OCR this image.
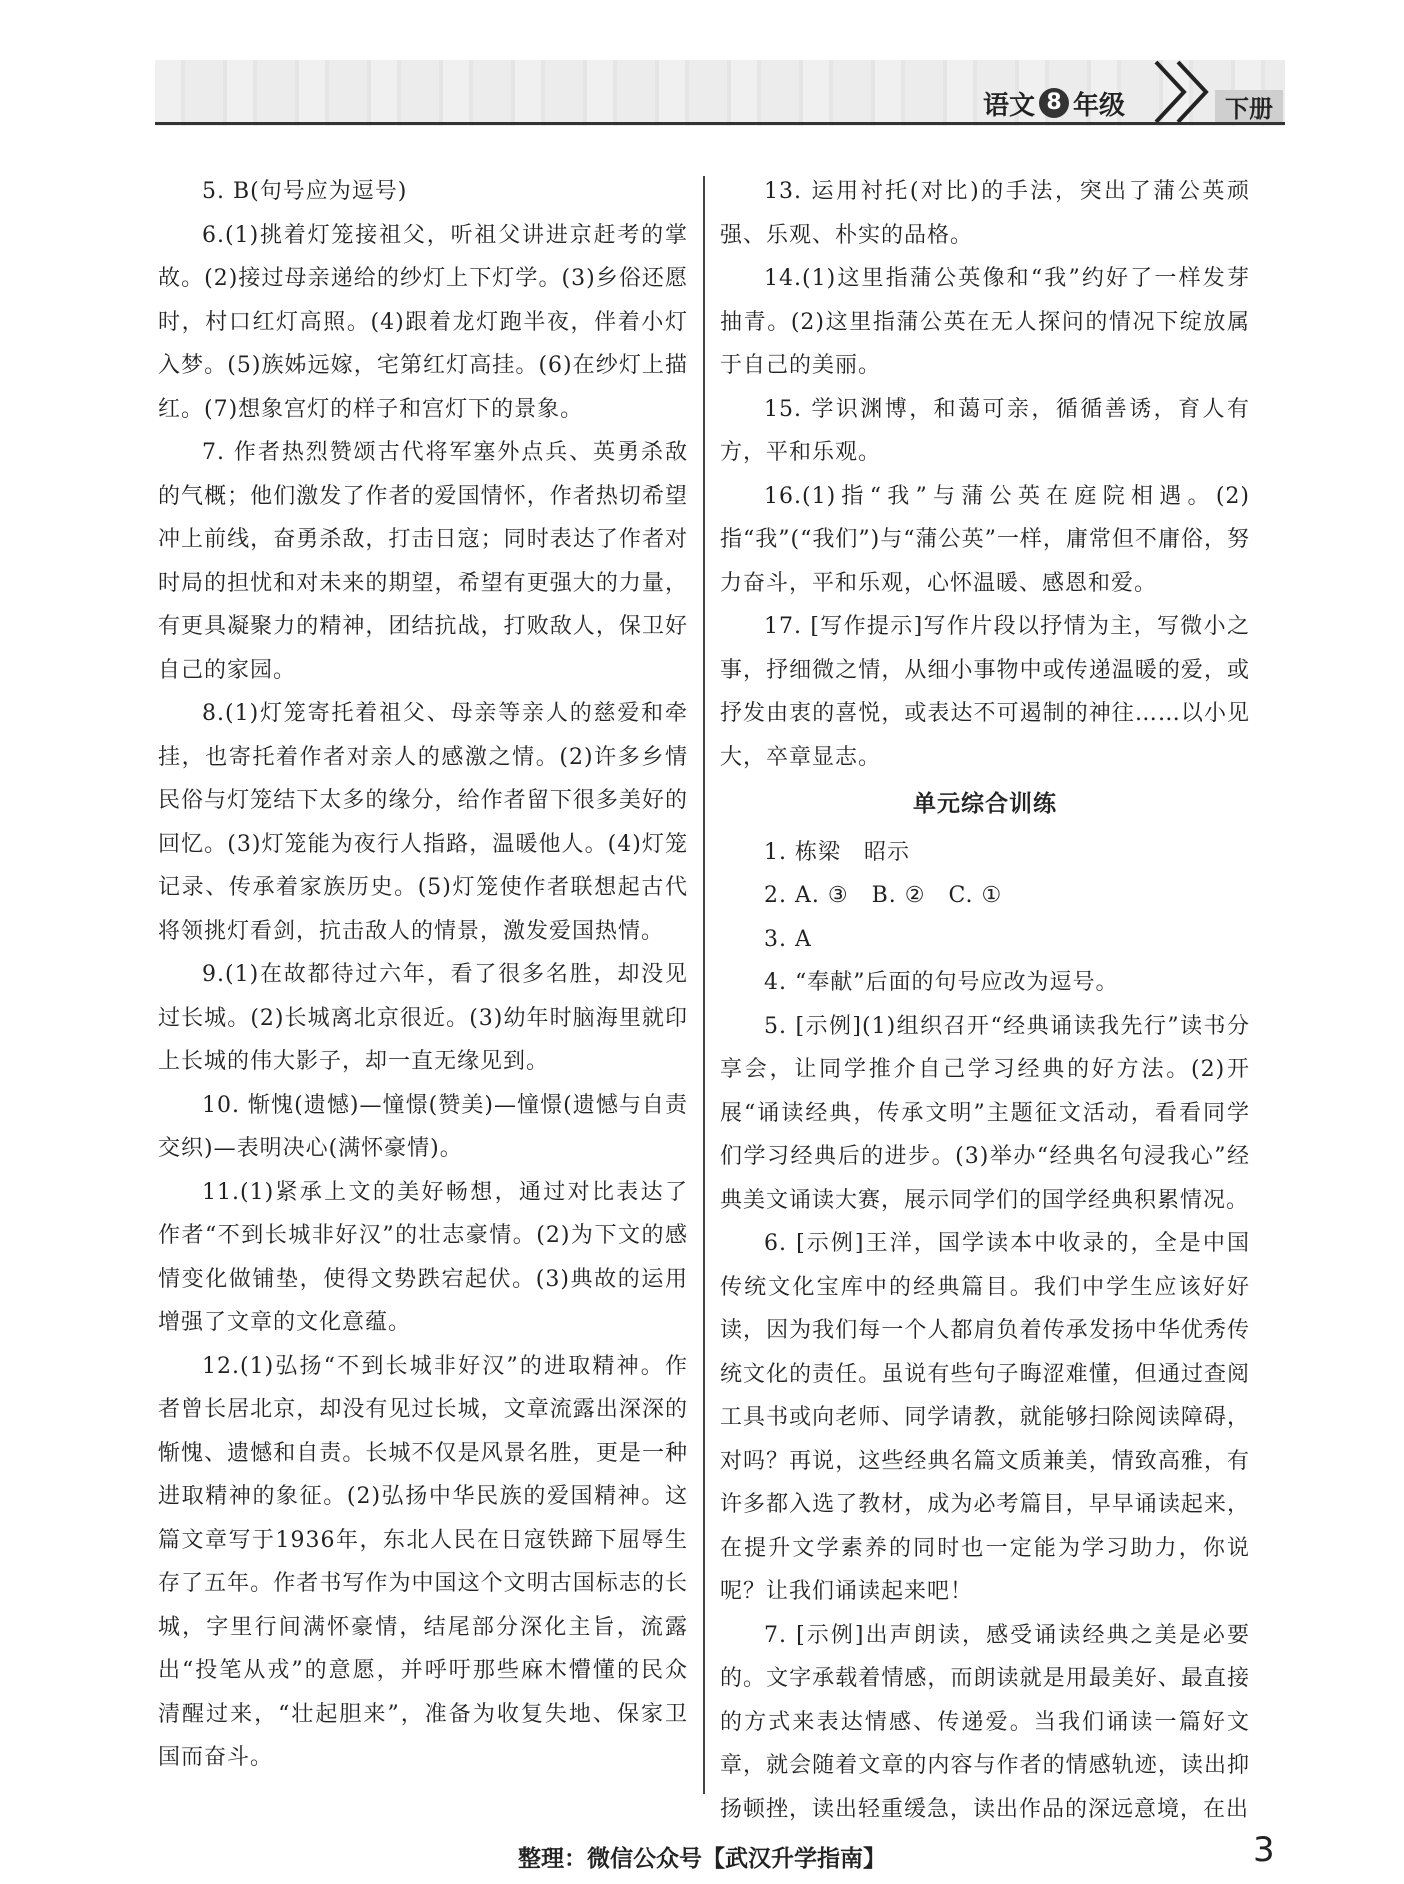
语文 8 年级	下册

5. B(句号应为逗号)

6.(1)挑着灯笼接祖父，听祖父讲进京赶考的掌故。(2)接过母亲递给的纱灯上下灯学。(3)乡俗还愿时，村口红灯高照。(4)跟着龙灯跑半夜，伴着小灯入梦。(5)族姊远嫁，宅第红灯高挂。(6)在纱灯上描红。(7)想象宫灯的样子和宫灯下的景象。

7. 作者热烈赞颂古代将军塞外点兵、英勇杀敌的气概；他们激发了作者的爱国情怀，作者热切希望冲上前线，奋勇杀敌，打击日寇；同时表达了作者对时局的担忧和对未来的期望，希望有更强大的力量，有更具凝聚力的精神，团结抗战，打败敌人，保卫好自己的家园。

8.(1)灯笼寄托着祖父、母亲等亲人的慈爱和牵挂，也寄托着作者对亲人的感激之情。(2)许多乡情民俗与灯笼结下太多的缘分，给作者留下很多美好的回忆。(3)灯笼能为夜行人指路，温暖他人。(4)灯笼记录、传承着家族历史。(5)灯笼使作者联想起古代将领挑灯看剑，抗击敌人的情景，激发爱国热情。

9.(1)在故都待过六年，看了很多名胜，却没见过长城。(2)长城离北京很近。(3)幼年时脑海里就印上长城的伟大影子，却一直无缘见到。

10. 惭愧(遗憾)—憧憬(赞美)—憧憬(遗憾与自责交织)—表明决心(满怀豪情)。

11.(1)紧承上文的美好畅想，通过对比表达了作者“不到长城非好汉”的壮志豪情。(2)为下文的感情变化做铺垫，使得文势跌宕起伏。(3)典故的运用增强了文章的文化意蕴。

12.(1)弘扬“不到长城非好汉”的进取精神。作者曾长居北京，却没有见过长城，文章流露出深深的惭愧、遗憾和自责。长城不仅是风景名胜，更是一种进取精神的象征。(2)弘扬中华民族的爱国精神。这篇文章写于1936年，东北人民在日寇铁蹄下屈辱生存了五年。作者书写作为中国这个文明古国标志的长城，字里行间满怀豪情，结尾部分深化主旨，流露出“投笔从戎”的意愿，并呼吁那些麻木懵懂的民众清醒过来，“壮起胆来”，准备为收复失地、保家卫国而奋斗。

13. 运用衬托(对比)的手法，突出了蒲公英顽强、乐观、朴实的品格。

14.(1)这里指蒲公英像和“我”约好了一样发芽抽青。(2)这里指蒲公英在无人探问的情况下绽放属于自己的美丽。

15. 学识渊博，和蔼可亲，循循善诱，育人有方，平和乐观。

16.(1)指“我”与蒲公英在庭院相遇。(2)指“我”(“我们”)与“蒲公英”一样，庸常但不庸俗，努力奋斗，平和乐观，心怀温暖、感恩和爱。

17. [写作提示]写作片段以抒情为主，写微小之事，抒细微之情，从细小事物中或传递温暖的爱，或抒发由衷的喜悦，或表达不可遏制的神往……以小见大，卒章显志。

单元综合训练

1. 栋梁　昭示

2. A. ③　B. ②　C. ①

3. A

4. “奉献”后面的句号应改为逗号。

5. [示例](1)组织召开“经典诵读我先行”读书分享会，让同学推介自己学习经典的好方法。(2)开展“诵读经典，传承文明”主题征文活动，看看同学们学习经典后的进步。(3)举办“经典名句浸我心”经典美文诵读大赛，展示同学们的国学经典积累情况。

6. [示例]王洋，国学读本中收录的，全是中国传统文化宝库中的经典篇目。我们中学生应该好好读，因为我们每一个人都肩负着传承发扬中华优秀传统文化的责任。虽说有些句子晦涩难懂，但通过查阅工具书或向老师、同学请教，就能够扫除阅读障碍，对吗？再说，这些经典名篇文质兼美，情致高雅，有许多都入选了教材，成为必考篇目，早早诵读起来，在提升文学素养的同时也一定能为学习助力，你说呢？让我们诵读起来吧！

7. [示例]出声朗读，感受诵读经典之美是必要的。文字承载着情感，而朗读就是用最美好、最直接的方式来表达情感、传递爱。当我们诵读一篇好文章，就会随着文章的内容与作者的情感轨迹，读出抑扬顿挫，读出轻重缓急，读出作品的深远意境，在出

整理：微信公众号【武汉升学指南】	3
